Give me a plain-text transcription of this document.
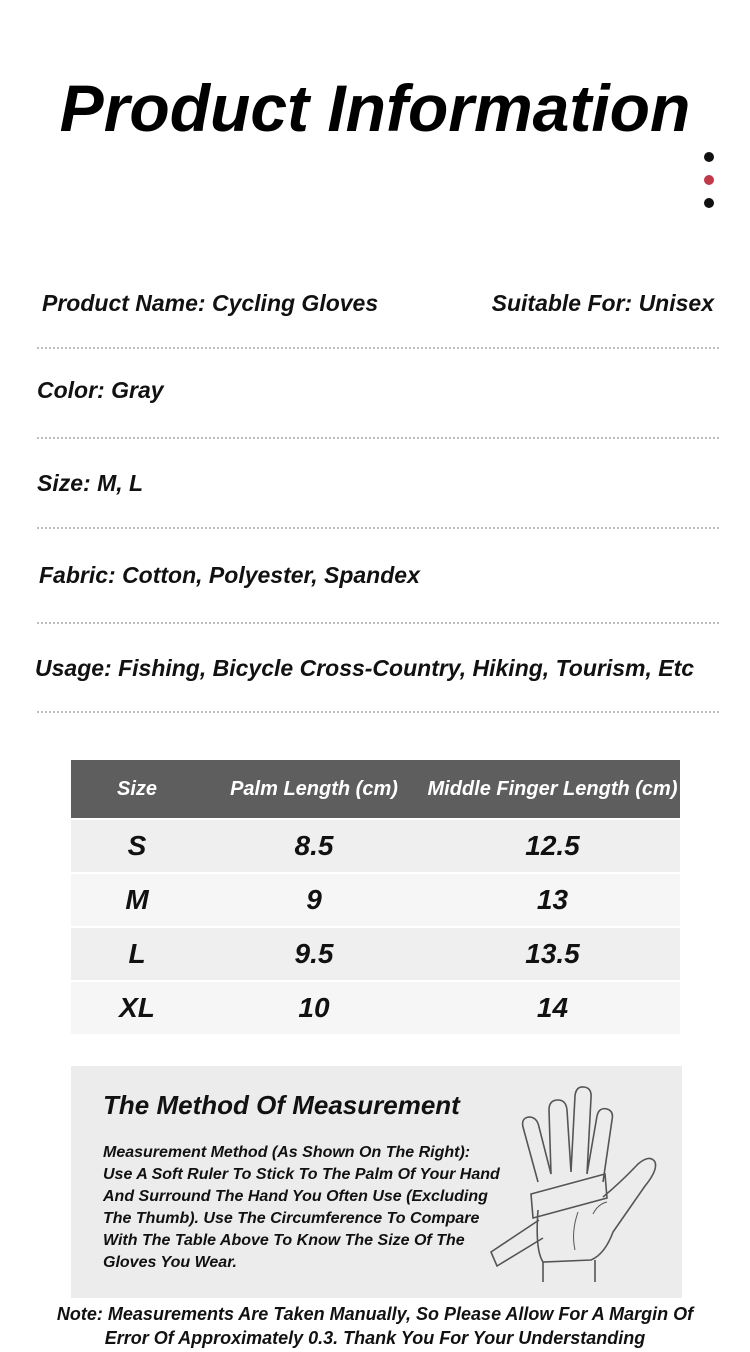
Product Information
Product Name: Cycling Gloves	Suitable For: Unisex
Color: Gray
Size: M, L
Fabric: Cotton, Polyester, Spandex
Usage: Fishing, Bicycle Cross-Country, Hiking, Tourism, Etc
Size	Palm Length (cm)	Middle Finger Length (cm)
S	8.5	12.5
M	9	13
L	9.5	13.5
XL	10	14
The Method Of Measurement

Measurement Method (As Shown On The Right): Use A Soft Ruler To Stick To The Palm Of Your Hand And Surround The Hand You Often Use (Excluding The Thumb). Use The Circumference To Compare With The Table Above To Know The Size Of The Gloves You Wear.

Note: Measurements Are Taken Manually, So Please Allow For A Margin Of Error Of Approximately 0.3. Thank You For Your Understanding
